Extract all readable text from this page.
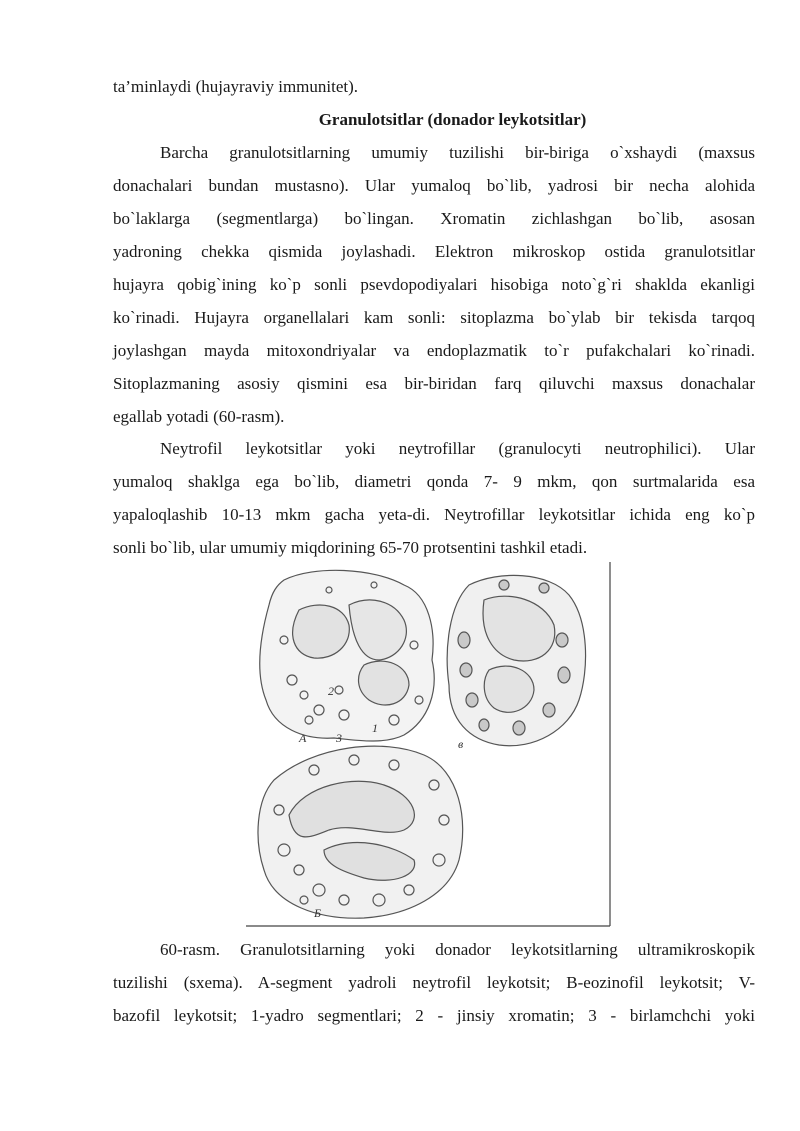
ta’minlaydi (hujayraviy immunitet).
Granulotsitlar (donador leykotsitlar)
Barcha granulotsitlarning umumiy tuzilishi bir-biriga o`xshaydi (maxsus
donachalari bundan mustasno). Ular yumaloq bo`lib, yadrosi bir necha alohida
bo`laklarga (segmentlarga) bo`lingan. Xromatin zichlashgan bo`lib, asosan
yadroning chekka qismida joylashadi. Elektron mikroskop ostida granulotsitlar
hujayra qobig`ining ko`p sonli psevdopodiyalari hisobiga noto`g`ri shaklda ekanligi
ko`rinadi. Hujayra organellalari kam sonli: sitoplazma bo`ylab bir tekisda tarqoq
joylashgan mayda mitoxondriyalar va endoplazmatik to`r pufakchalari ko`rinadi.
Sitoplazmaning asosiy qismini esa bir-biridan farq qiluvchi maxsus donachalar
egallab yotadi (60-rasm).
Neytrofil leykotsitlar yoki neytrofillar (granulocyti neutrophilici). Ular
yumaloq shaklga ega bo`lib, diametri qonda 7- 9 mkm, qon surtmalarida esa
yapaloqlashib 10-13 mkm gacha yeta-di. Neytrofillar leykotsitlar ichida eng ko`p
sonli bo`lib, ular umumiy miqdorining 65-70 protsentini tashkil etadi.
A
2
3
1
в
Б
60-rasm. Granulotsitlarning yoki donador leykotsitlarning ultramikroskopik
tuzilishi (sxema). A-segment yadroli neytrofil leykotsit; B-eozinofil leykotsit; V-
bazofil leykotsit; 1-yadro segmentlari; 2 - jinsiy xromatin; 3 - birlamchchi yoki
